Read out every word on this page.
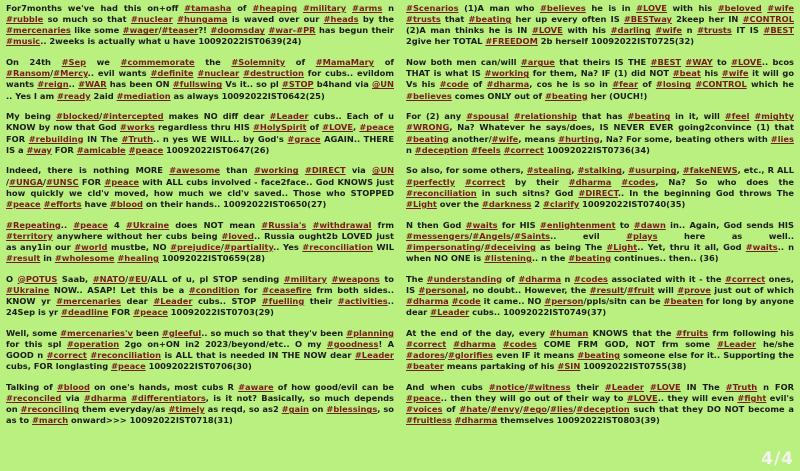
For7months we've had this on+off #tamasha of #heaping #military #arms n #rubble so much so that #nuclear #hungama is waved over our #heads by the #mercenaries like some #wager/#teaser?! #doomsday #war-#PR has begun their #music.. 2weeks is actually what u have 10092022IST0639(24)

On 24th #Sep we #commemorate the #Solemnity of #MamaMary of #Ransom/#Mercy.. evil wants #definite #nuclear #destruction for cubs.. evildom wants #reign.. #WAR has been ON #fullswing Vs it.. so pl #STOP b4hand via @UN .. Yes I am #ready 2aid #mediation as always 10092022IST0642(25)

My being #blocked/#intercepted makes NO diff dear #Leader cubs.. Each of u KNOW by now that God #works regardless thru HIS #HolySpirit of #LOVE, #peace FOR #rebuilding IN The #Truth.. n yes WE WILL.. by God's #grace AGAIN.. THERE IS a #way FOR #amicable #peace 10092022IST0647(26)

Indeed, there is nothing MORE #awesome than #working #DIRECT via @UN /#UNGA/#UNSC FOR #peace with ALL cubs involved - face2face.. God KNOWS just how quickly we cld'v moved, how much we cld'v saved.. Those who STOPPED #peace #efforts have #blood on their hands.. 10092022IST0650(27)

#Repeating.. #peace 4 #Ukraine does NOT mean #Russia's #withdrawal frm #territory anywhere without her cubs being #loved.. Russia ought2b LOVED just as any1in our #world mustbe, NO #prejudice/#partiality.. Yes #reconciliation WIL #result in #wholesome #healing 10092022IST0659(28)

O @POTUS Saab, #NATO/#EU/ALL of u, pl STOP sending #military #weapons to #Ukraine NOW.. ASAP! Let this be a #condition for #ceasefire frm both sides.. KNOW yr #mercenaries dear #Leader cubs.. STOP #fuelling their #activities.. 24Sep is yr #deadline FOR #peace 10092022IST0703(29)

Well, some #mercenaries'v been #gleeful.. so much so that they'v been #planning for this spl #operation 2go on+ON in2 2023/beyond/etc.. O my #goodness! A GOOD n #correct #reconciliation is ALL that is needed IN THE NOW dear #Leader cubs, FOR longlasting #peace 10092022IST0706(30)

Talking of #blood on one's hands, most cubs R #aware of how good/evil can be #reconciled via #dharma #differentiators, is it not? Basically, so much depends on #reconciling them everyday/as #timely as reqd, so as2 #gain on #blessings, so as to #march onward>>> 10092022IST0718(31)

#Scenarios (1)A man who #believes he is in #LOVE with his #beloved #wife #trusts that #beating her up every often IS #BESTway 2keep her IN #CONTROL (2)A man thinks he is IN #LOVE with his #darling #wife n #trusts IT IS #BEST 2give her TOTAL #FREEDOM 2b herself 10092022IST0725(32)

Now both men can/will #argue that theirs IS THE #BEST #WAY to #LOVE.. bcos THAT is what IS #working for them, Na? IF (1) did NOT #beat his #wife it will go Vs his #code of #dharma, cos he is so in #fear of #losing #CONTROL which he #believes comes ONLY out of #beating her (OUCH!)

For (2) any #spousal #relationship that has #beating in it, will #feel #mighty #WRONG, Na? Whatever he says/does, IS NEVER EVER going2convince (1) that #beating another/#wife, means #hurting, Na? For some, beating others with #lies n #deception #feels #correct 10092022IST0736(34)

So also, for some others, #stealing, #stalking, #usurping, #fakeNEWS, etc., R ALL #perfectly #correct by their #dharma #codes, Na? So who does the #reconciliation in such sitns? God #DIRECT.. In the beginning God throws The #Light over the #darkness 2 #clarify 10092022IST0740(35)

N then God #waits for HIS #enlightenment to #dawn in.. Again, God sends HIS #messengers/#Angels/#Saints.. evil #plays here as well.. #impersonating/#deceiving as being The #Light.. Yet, thru it all, God #waits.. n when NO ONE is #listening.. n the #beating continues.. then.. (36)

The #understanding of #dharma n #codes associated with it - the #correct ones, IS #personal, no doubt.. However, the #result/#fruit will #prove just out of which #dharma #code it came.. NO #person/ppls/sitn can be #beaten for long by anyone dear #Leader cubs.. 10092022IST0749(37)

At the end of the day, every #human KNOWS that the #fruits frm following his #correct #dharma #codes COME FRM GOD, NOT frm some #Leader he/she #adores/#glorifies even IF it means #beating someone else for it.. Supporting the #beater means partaking of his #SIN 10092022IST0755(38)

And when cubs #notice/#witness their #Leader #LOVE IN The #Truth n FOR #peace.. then they will go out of their way to #LOVE.. they will even #fight evil's #voices of #hate/#envy/#ego/#lies/#deception such that they DO NOT become a #fruitless #dharma themselves 10092022IST0803(39)

4/4
